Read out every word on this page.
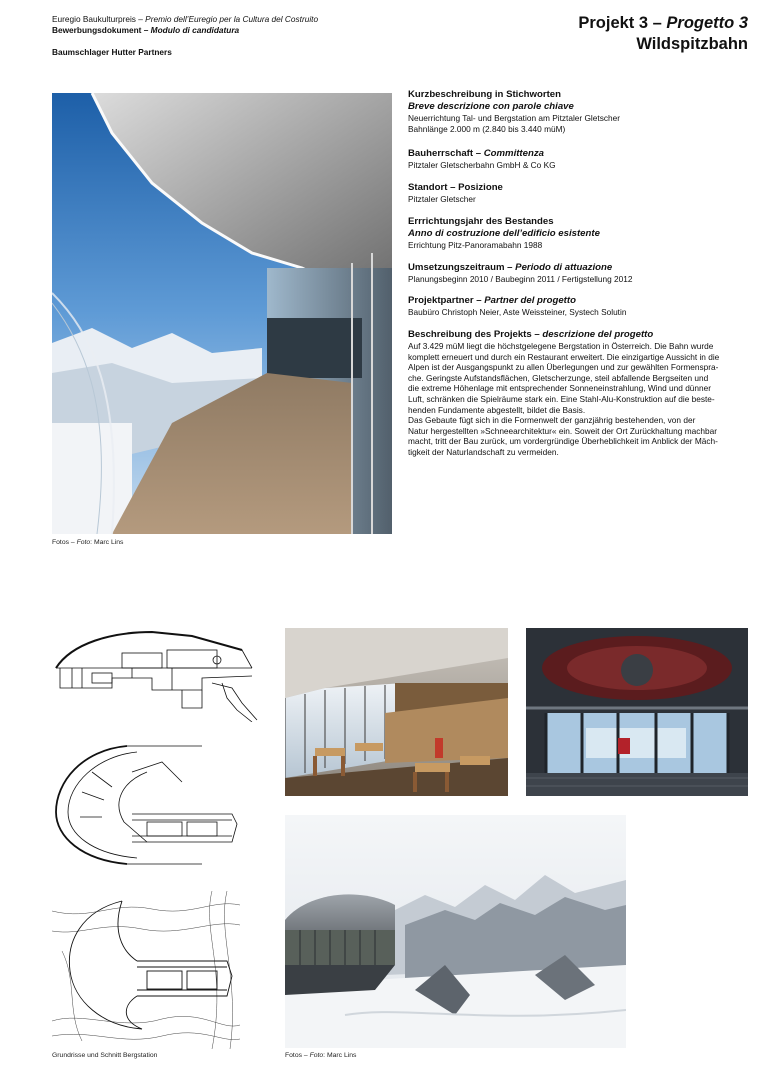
Euregio Baukulturpreis – Premio dell’Euregio per la Cultura del Costruito
Bewerbungsdokument – Modulo di candidatura
Baumschlager Hutter Partners
Projekt 3 – Progetto 3
Wildspitzbahn
Kurzbeschreibung in Stichworten
Breve descrizione con parole chiave
Neuerrichtung Tal- und Bergstation am Pitztaler Gletscher
Bahnlänge 2.000 m (2.840 bis 3.440 müM)
Bauherrschaft – Committenza
Pitztaler Gletscherbahn GmbH & Co KG
Standort – Posizione
Pitztaler Gletscher
Errrichtungsjahr des Bestandes
Anno di costruzione dell’edificio esistente
Errichtung Pitz-Panoramabahn 1988
Umsetzungszeitraum – Periodo di attuazione
Planungsbeginn 2010 / Baubeginn 2011 / Fertigstellung 2012
Projektpartner – Partner del progetto
Baubüro Christoph Neier, Aste Weissteiner, Systech Solutin
Beschreibung des Projekts – descrizione del progetto
Auf 3.429 müM liegt die höchstgelegene Bergstation in Österreich. Die Bahn wurde
komplett erneuert und durch ein Restaurant erweitert. Die einzigartige Aussicht in die
Alpen ist der Ausgangspunkt zu allen Überlegungen und zur gewählten Formenspra-
che. Geringste Aufstandsflächen, Gletscherzunge, steil abfallende Bergseiten und
die extreme Höhenlage mit entsprechender Sonneneinstrahlung, Wind und dünner
Luft, schränken die Spielräume stark ein. Eine Stahl-Alu-Konstruktion auf die beste-
henden Fundamente abgestellt, bildet die Basis.
Das Gebaute fügt sich in die Formenwelt der ganzjährig bestehenden, von der
Natur hergestellten »Schneearchitektur« ein. Soweit der Ort Zurückhaltung machbar
macht, tritt der Bau zurück, um vordergründige Überheblichkeit im Anblick der Mäch-
tigkeit der Naturlandschaft zu vermeiden.
Fotos – Foto: Marc Lins
Grundrisse und Schnitt Bergstation	Fotos – Foto: Marc Lins
